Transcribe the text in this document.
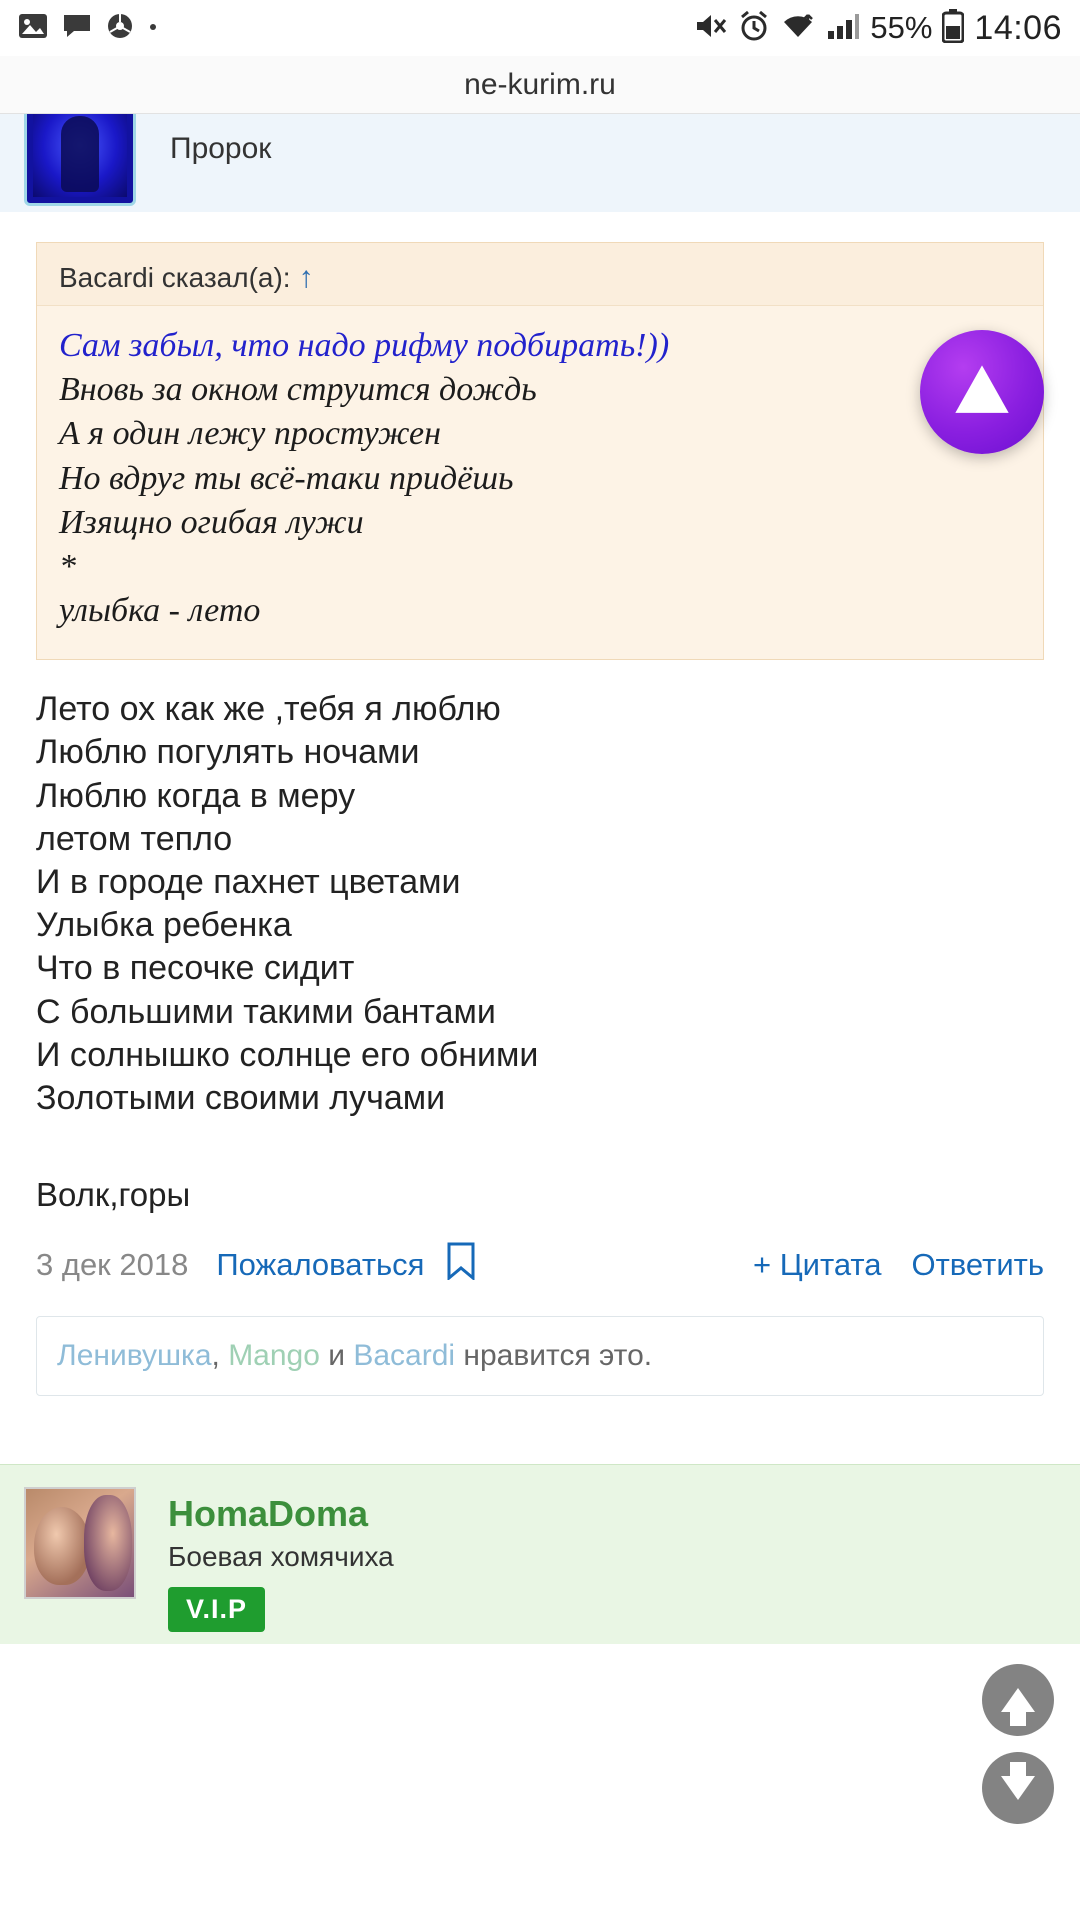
55% 14:06
ne-kurim.ru
Пророк
Bacardi сказал(а): ↑
Сам забыл, что надо рифму подбирать!))
Вновь за окном струится дождь
А я один лежу простужен
Но вдруг ты всё-таки придёшь
Изящно огибая лужи
*
улыбка - лето
Лето ох как же ,тебя я люблю
Люблю погулять ночами
Люблю когда в меру
летом тепло
И в городе пахнет цветами
Улыбка ребенка
Что в песочке сидит
С большими такими бантами
И солнышко солнце его обними
Золотыми своими лучами
Волк,горы
3 дек 2018 Пожаловаться	+ Цитата Ответить
Ленивушка, Mango и Bacardi нравится это.
HomaDoma
Боевая хомячиха
V.I.P
